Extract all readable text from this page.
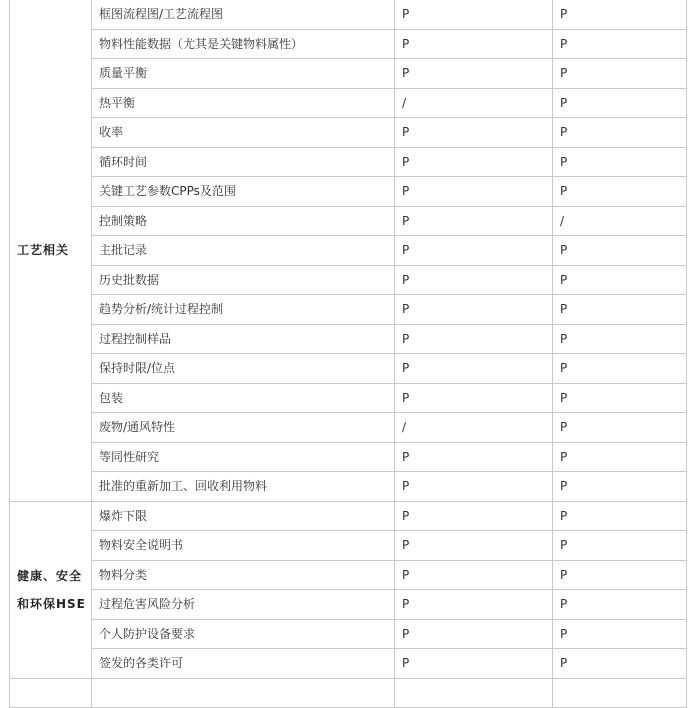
工艺相关	框图流程图/工艺流程图	P	P
	物料性能数据（尤其是关键物料属性）	P	P
	质量平衡	P	P
	热平衡	/	P
	收率	P	P
	循环时间	P	P
	关键工艺参数CPPs及范围	P	P
	控制策略	P	/
	主批记录	P	P
	历史批数据	P	P
	趋势分析/统计过程控制	P	P
	过程控制样品	P	P
	保持时限/位点	P	P
	包装	P	P
	废物/通风特性	/	P
	等同性研究	P	P
	批准的重新加工、回收利用物料	P	P

健康、安全和环保HSE	爆炸下限	P	P
	物料安全说明书	P	P
	物料分类	P	P
	过程危害风险分析	P	P
	个人防护设备要求	P	P
	签发的各类许可	P	P
